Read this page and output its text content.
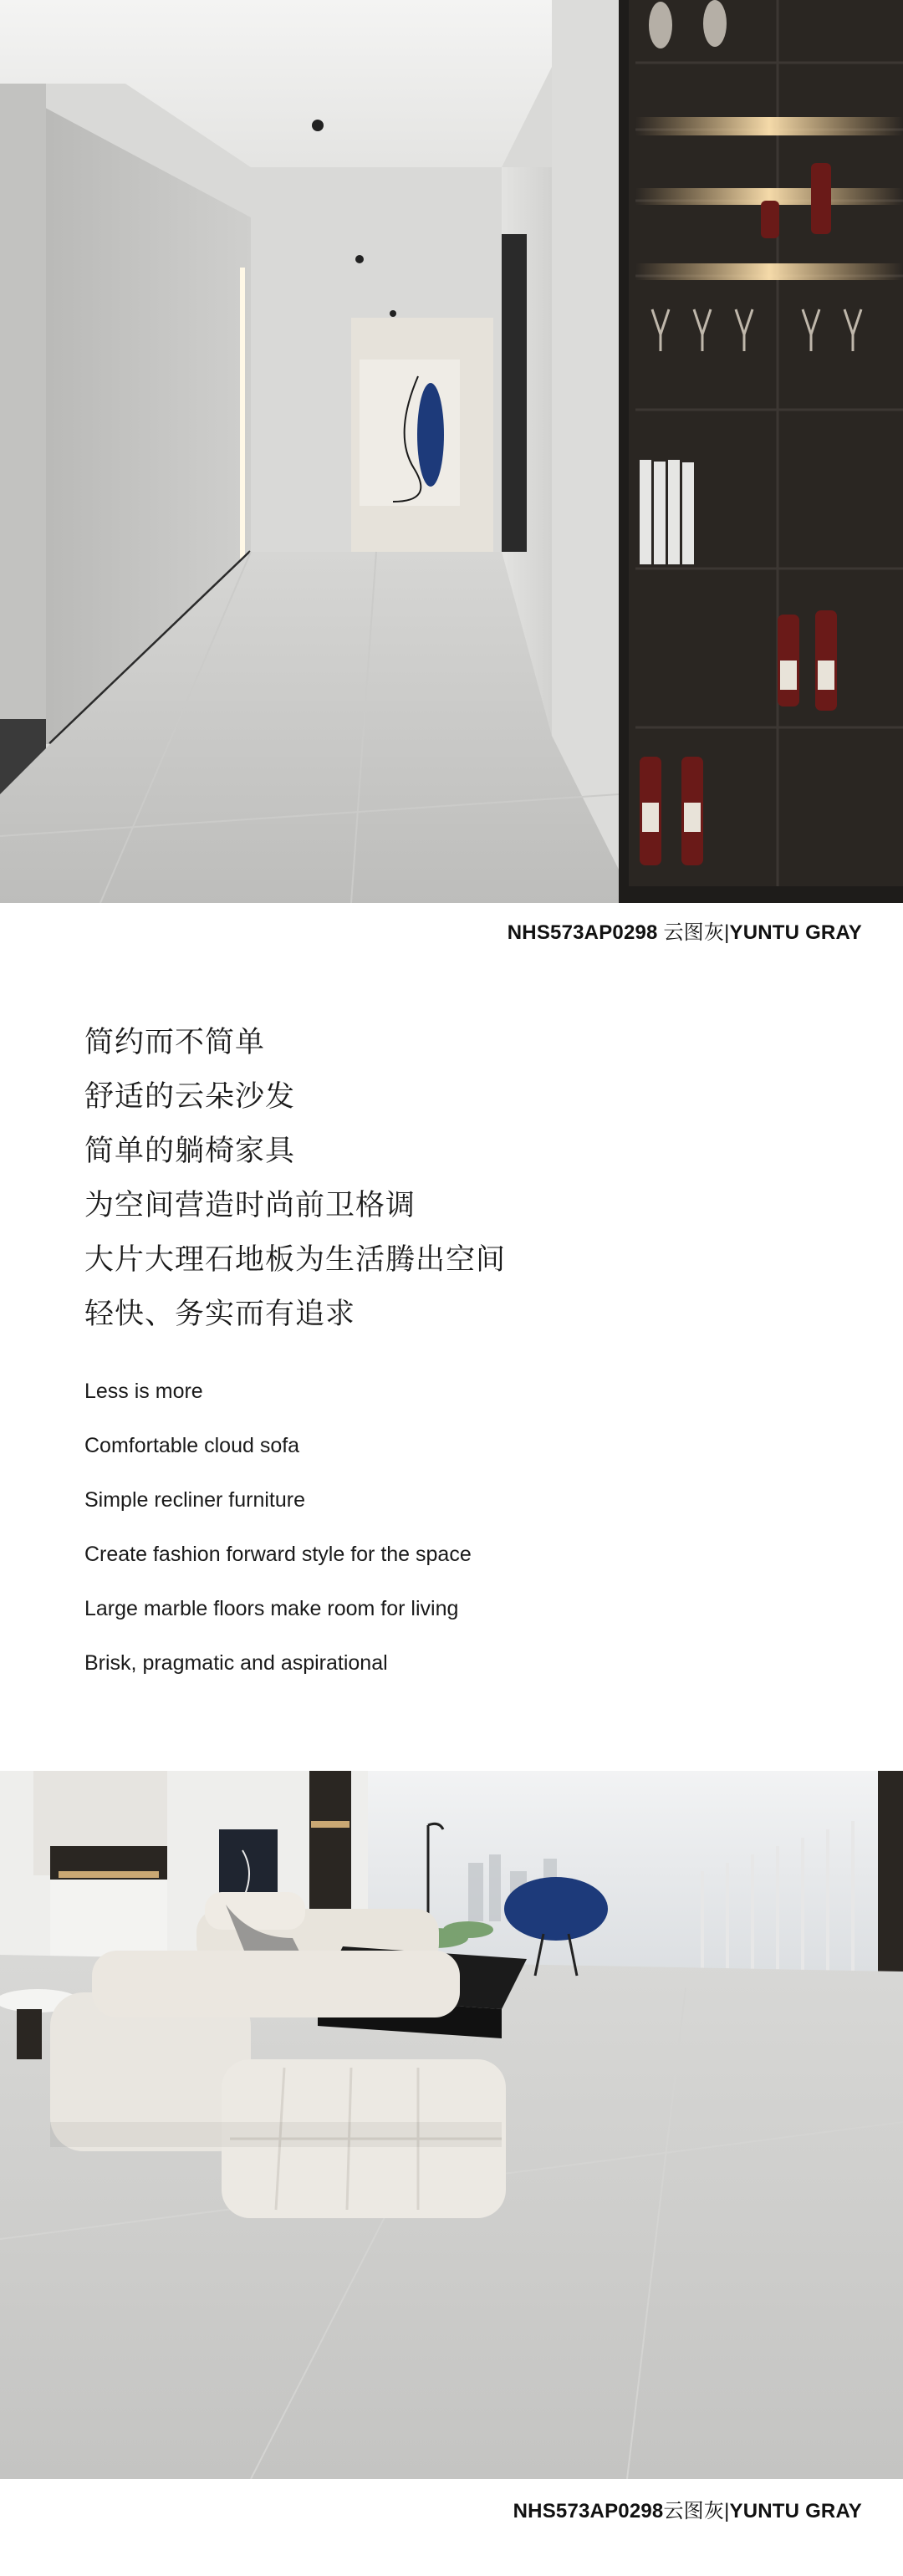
NHS573AP0298 云图灰|YUNTU GRAY
简约而不简单
舒适的云朵沙发
简单的躺椅家具
为空间营造时尚前卫格调
大片大理石地板为生活腾出空间
轻快、务实而有追求
Less is more
Comfortable cloud sofa
Simple recliner furniture
Create fashion forward style for the space
Large marble floors make room for living
Brisk, pragmatic and aspirational
NHS573AP0298云图灰|YUNTU GRAY
